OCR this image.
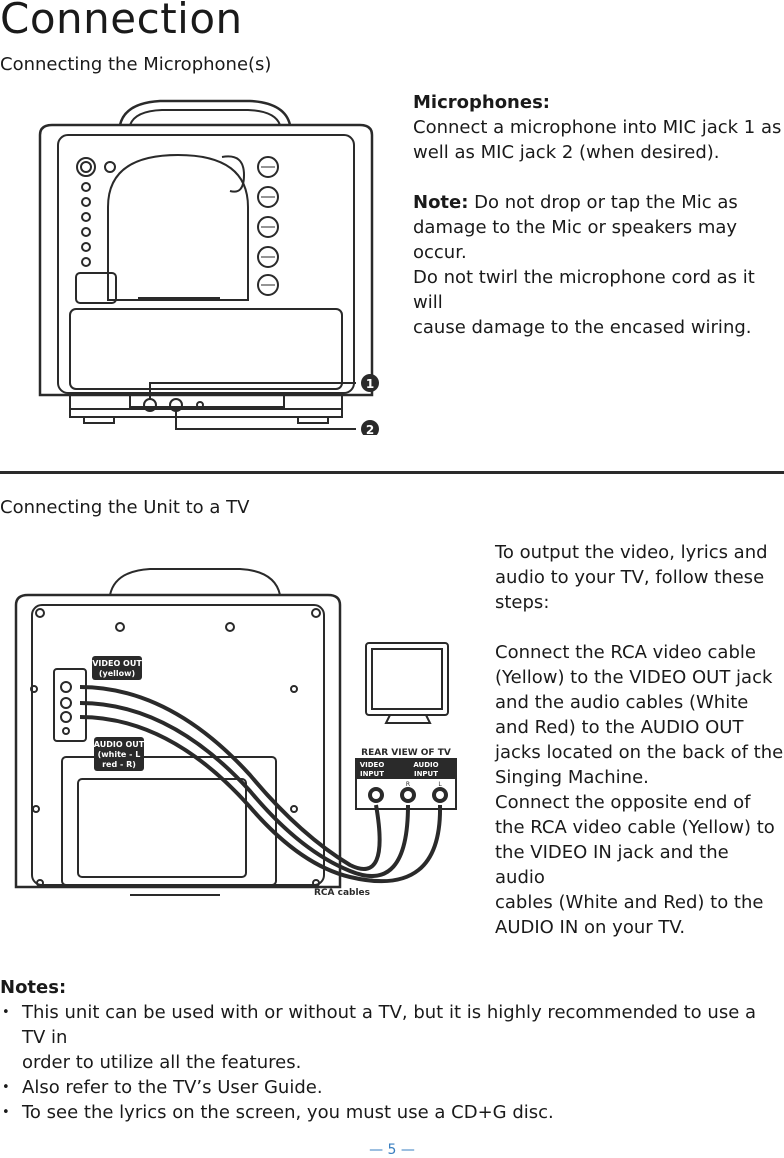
Connection
Connecting the Microphone(s)
1
2
Microphones:
Connect a microphone into MIC jack 1 as
well as MIC jack 2 (when desired).
Note: Do not drop or tap the Mic as
damage to the Mic or speakers may occur.
Do not twirl the microphone cord as it will
cause damage to the encased wiring.
Connecting the Unit to a TV
VIDEO OUT
(yellow)
AUDIO OUT
(white - L
red - R)
REAR VIEW OF TV
VIDEO
INPUT
AUDIO
INPUT
R	L
RCA cables
To output the video, lyrics and
audio to your TV, follow these
steps:
Connect the RCA video cable
(Yellow) to the VIDEO OUT jack
and the audio cables (White
and Red) to the AUDIO OUT
jacks located on the back of the
Singing Machine.
Connect the opposite end of
the RCA video cable (Yellow) to
the VIDEO IN jack and the audio
cables (White and Red) to the
AUDIO IN on your TV.
Notes:
• This unit can be used with or without a TV, but it is highly recommended to use a TV in
order to utilize all the features.
• Also refer to the TV’s User Guide.
• To see the lyrics on the screen, you must use a CD+G disc.
— 5 —
